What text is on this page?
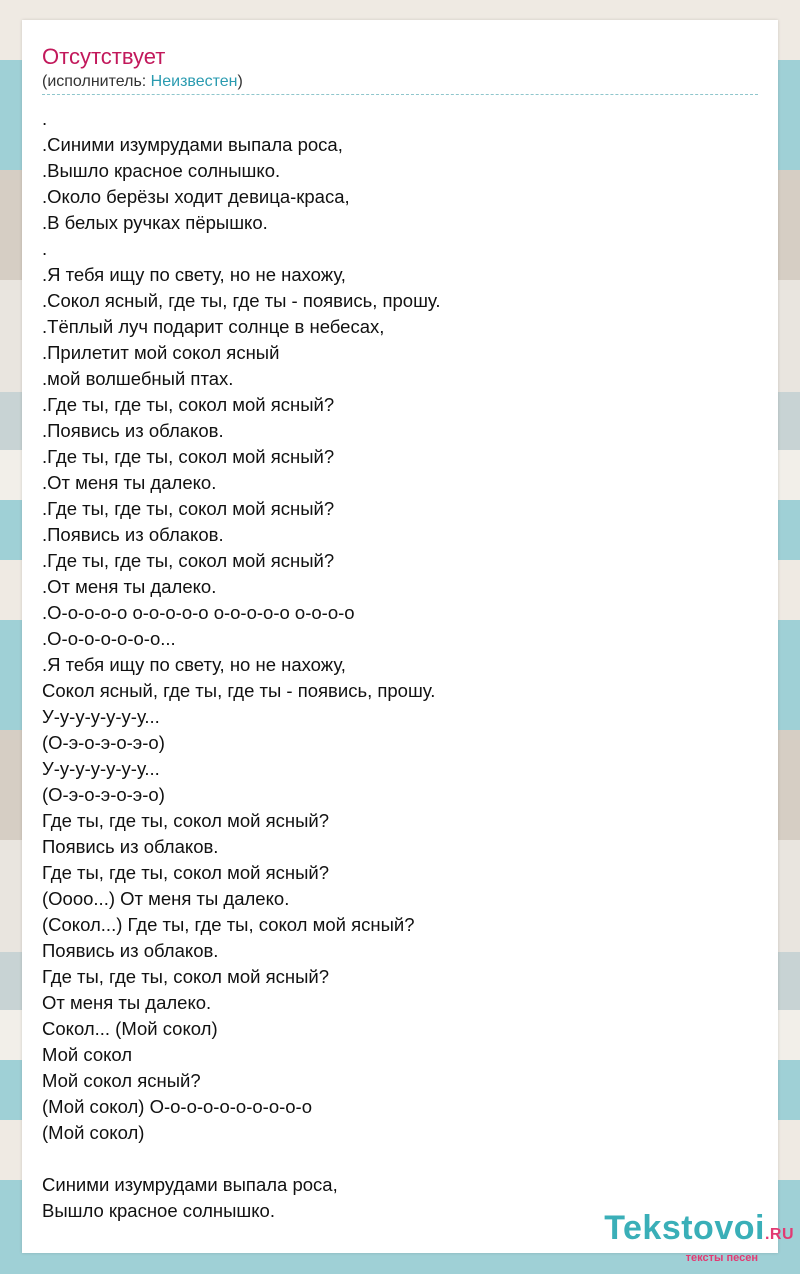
Отсутствует
(исполнитель: Неизвестен)
.
.Синими изумрудами выпала роса,
.Вышло красное солнышко.
.Около берёзы ходит девица-краса,
.В белых ручках пёрышко.
.
.Я тебя ищу по свету, но не нахожу,
.Сокол ясный, где ты, где ты - появись, прошу.
.Тёплый луч подарит солнце в небесах,
.Прилетит мой сокол ясный
.мой волшебный птах.
.Где ты, где ты, сокол мой ясный?
.Появись из облаков.
.Где ты, где ты, сокол мой ясный?
.От меня ты далеко.
.Где ты, где ты, сокол мой ясный?
.Появись из облаков.
.Где ты, где ты, сокол мой ясный?
.От меня ты далеко.
.О-о-о-о-о о-о-о-о-о о-о-о-о-о о-о-о-о
.О-о-о-о-о-о-о...
.Я тебя ищу по свету, но не нахожу,
Сокол ясный, где ты, где ты - появись, прошу.
У-у-у-у-у-у-у...
(О-э-о-э-о-э-о)
У-у-у-у-у-у-у...
(О-э-о-э-о-э-о)
Где ты, где ты, сокол мой ясный?
Появись из облаков.
Где ты, где ты, сокол мой ясный?
(Оооо...) От меня ты далеко.
(Сокол...) Где ты, где ты, сокол мой ясный?
Появись из облаков.
Где ты, где ты, сокол мой ясный?
От меня ты далеко.
Сокол... (Мой сокол)
Мой сокол
Мой сокол ясный?
(Мой сокол) О-о-о-о-о-о-о-о-о-о
(Мой сокол)
Синими изумрудами выпала роса,
Вышло красное солнышко.	Tekstovoi.RU
тексты песен
